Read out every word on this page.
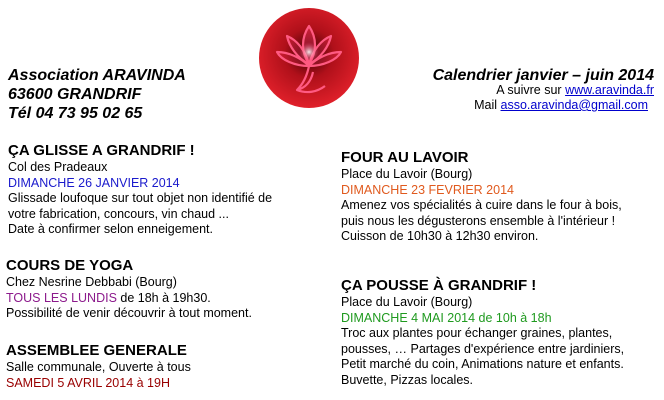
Association ARAVINDA
63600 GRANDRIF
Tél 04 73 95 02 65
Calendrier janvier – juin 2014
A suivre sur www.aravinda.fr
Mail asso.aravinda@gmail.com
ÇA GLISSE A GRANDRIF !
Col des Pradeaux
DIMANCHE 26 JANVIER 2014
Glissade loufoque sur tout objet non identifié de
votre fabrication, concours, vin chaud ...
Date à confirmer selon enneigement.
COURS DE YOGA
Chez Nesrine Debbabi (Bourg)
TOUS LES LUNDIS de 18h à 19h30.
Possibilité de venir découvrir à tout moment.
ASSEMBLEE GENERALE
Salle communale, Ouverte à tous
SAMEDI 5 AVRIL 2014 à 19H
FOUR AU LAVOIR
Place du Lavoir (Bourg)
DIMANCHE 23 FEVRIER 2014
Amenez vos spécialités à cuire dans le four à bois,
puis nous les dégusterons ensemble à l'intérieur !
Cuisson de 10h30 à 12h30 environ.
ÇA POUSSE À GRANDRIF !
Place du Lavoir (Bourg)
DIMANCHE 4 MAI 2014 de 10h à 18h
Troc aux plantes pour échanger graines, plantes,
pousses, … Partages d'expérience entre jardiniers,
Petit marché du coin, Animations nature et enfants.
Buvette, Pizzas locales.
